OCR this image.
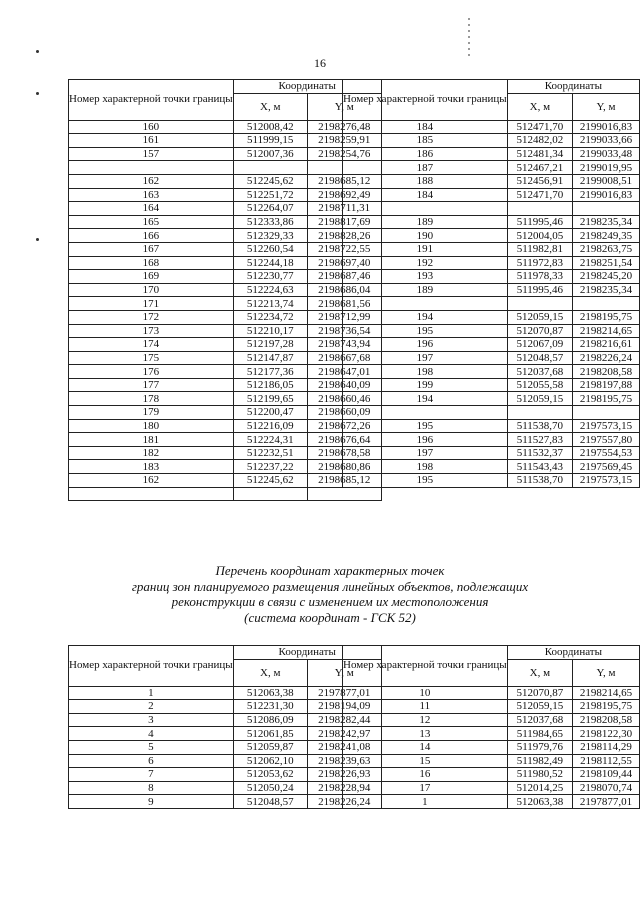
16
Номер характерной точки границы	Координаты	
	X, м	Y, м
160	512008,42	2198276,48
161	511999,15	2198259,91
157	512007,36	2198254,76

162	512245,62	2198685,12
163	512251,72	2198692,49
164	512264,07	2198711,31
165	512333,86	2198817,69
166	512329,33	2198828,26
167	512260,54	2198722,55
168	512244,18	2198697,40
169	512230,77	2198687,46
170	512224,63	2198686,04
171	512213,74	2198681,56
172	512234,72	2198712,99
173	512210,17	2198736,54
174	512197,28	2198743,94
175	512147,87	2198667,68
176	512177,36	2198647,01
177	512186,05	2198640,09
178	512199,65	2198660,46
179	512200,47	2198660,09
180	512216,09	2198672,26
181	512224,31	2198676,64
182	512232,51	2198678,58
183	512237,22	2198680,86
162	512245,62	2198685,12

Номер характерной точки границы	Координаты	
	X, м	Y, м
184	512471,70	2199016,83
185	512482,02	2199033,66
186	512481,34	2199033,48
187	512467,21	2199019,95
188	512456,91	2199008,51
184	512471,70	2199016,83

189	511995,46	2198235,34
190	512004,05	2198249,35
191	511982,81	2198263,75
192	511972,83	2198251,54
193	511978,33	2198245,20
189	511995,46	2198235,34

194	512059,15	2198195,75
195	512070,87	2198214,65
196	512067,09	2198216,61
197	512048,57	2198226,24
198	512037,68	2198208,58
199	512055,58	2198197,88
194	512059,15	2198195,75

195	511538,70	2197573,15
196	511527,83	2197557,80
197	511532,37	2197554,53
198	511543,43	2197569,45
195	511538,70	2197573,15
Перечень координат характерных точек
границ зон планируемого размещения линейных объектов, подлежащих
реконструкции в связи с изменением их местоположения
(система координат - ГСК 52)
Номер характерной точки границы	Координаты	
	X, м	Y, м
1	512063,38	2197877,01
2	512231,30	2198194,09
3	512086,09	2198282,44
4	512061,85	2198242,97
5	512059,87	2198241,08
6	512062,10	2198239,63
7	512053,62	2198226,93
8	512050,24	2198228,94
9	512048,57	2198226,24
Номер характерной точки границы	Координаты	
	X, м	Y, м
10	512070,87	2198214,65
11	512059,15	2198195,75
12	512037,68	2198208,58
13	511984,65	2198122,30
14	511979,76	2198114,29
15	511982,49	2198112,55
16	511980,52	2198109,44
17	512014,25	2198070,74
1	512063,38	2197877,01
